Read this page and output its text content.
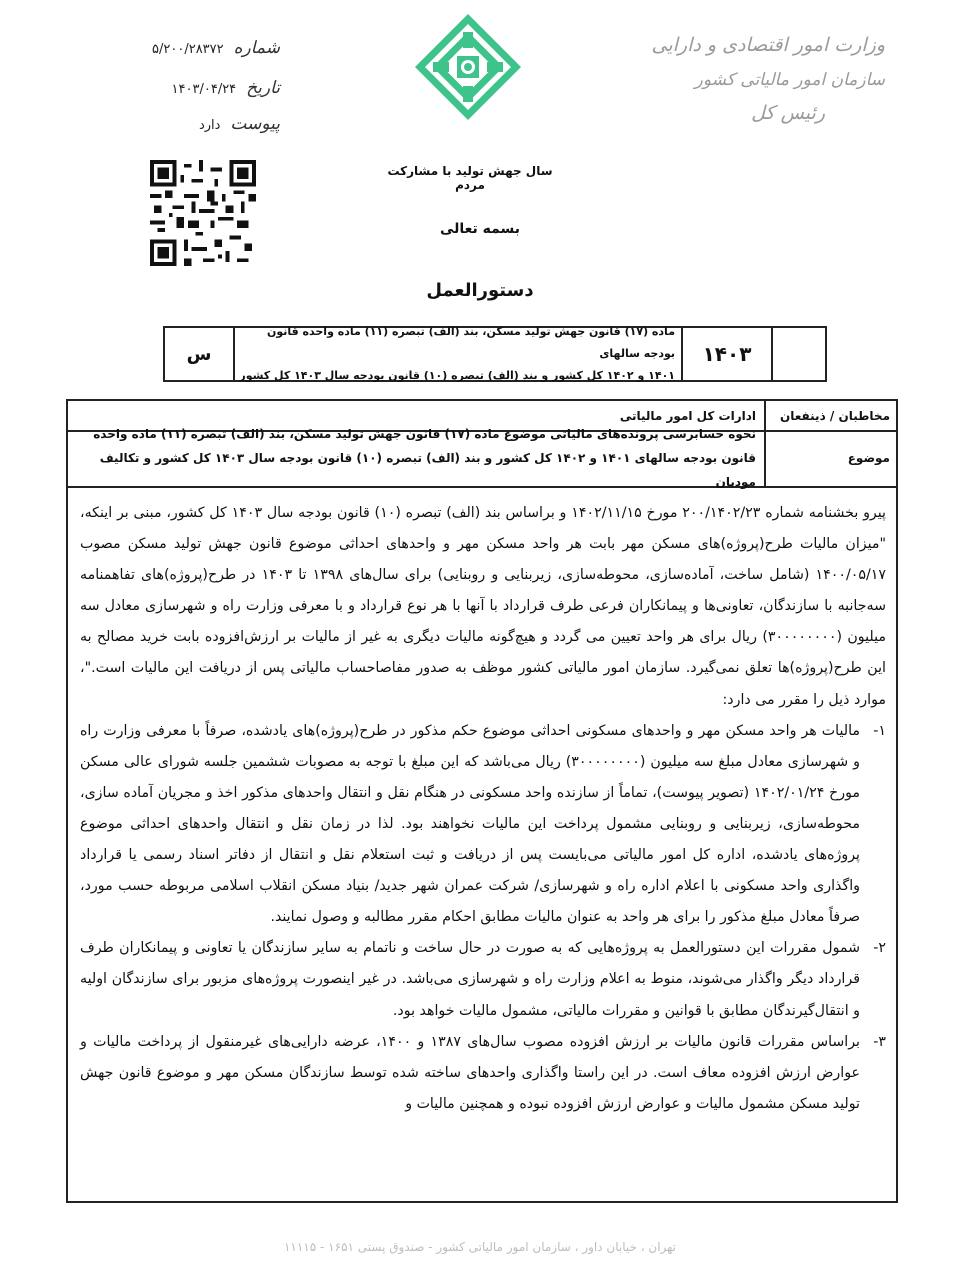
شماره
۵/۲۰۰/۲۸۳۷۲
تاریخ
۱۴۰۳/۰۴/۲۴
پیوست
دارد
وزارت امور اقتصادی و دارایی
سازمان امور مالیاتی کشور
رئیس کل
سال جهش تولید با مشارکت مردم
بسمه تعالی
دستورالعمل
۱۴۰۳
ماده (۱۷) قانون جهش تولید مسکن، بند (الف) تبصره (۱۱) ماده واحده قانون بودجه سالهای
۱۴۰۱ و ۱۴۰۲ کل کشور و بند (الف) تبصره (۱۰) قانون بودجه سال ۱۴۰۳ کل کشور
س
مخاطبان / ذینفعان
ادارات کل امور مالیاتی
موضوع
نحوه حسابرسی پرونده‌های مالیاتی موضوع ماده (۱۷) قانون جهش تولید مسکن، بند (الف) تبصره (۱۱) ماده واحده قانون بودجه سالهای ۱۴۰۱ و ۱۴۰۲ کل کشور و بند (الف) تبصره (۱۰) قانون بودجه سال ۱۴۰۳ کل کشور و تکالیف مودیان

پیرو بخشنامه شماره ۲۰۰/۱۴۰۲/۲۳ مورخ ۱۴۰۲/۱۱/۱۵ و براساس بند (الف) تبصره (۱۰) قانون بودجه سال ۱۴۰۳ کل کشور، مبنی بر اینکه، "میزان مالیات طرح(پروژه)های مسکن مهر بابت هر واحد مسکن مهر و واحدهای احداثی موضوع قانون جهش تولید مسکن مصوب ۱۴۰۰/۰۵/۱۷ (شامل ساخت، آماده‌سازی، محوطه‌سازی، زیربنایی و روبنایی) برای سال‌های ۱۳۹۸ تا ۱۴۰۳ در طرح(پروژه)های تفاهمنامه سه‌جانبه با سازندگان، تعاونی‌ها و پیمانکاران فرعی طرف قرارداد با آنها با هر نوع قرارداد و با معرفی وزارت راه و شهرسازی معادل سه میلیون (۳۰۰۰۰۰۰۰۰) ریال برای هر واحد تعیین می گردد و هیچ‌گونه مالیات دیگری به غیر از مالیات بر ارزش‌افزوده بابت خرید مصالح به این طرح(پروژه)ها تعلق نمی‌گیرد. سازمان امور مالیاتی کشور موظف به صدور مفاصاحساب مالیاتی پس از دریافت این مالیات است."، موارد ذیل را مقرر می دارد:

۱-
مالیات هر واحد مسکن مهر و واحدهای مسکونی احداثی موضوع حکم مذکور در طرح(پروژه)های یادشده، صرفاً با معرفی وزارت راه و شهرسازی معادل مبلغ سه میلیون (۳۰۰۰۰۰۰۰۰) ریال می‌باشد که این مبلغ با توجه به مصوبات ششمین جلسه شورای عالی مسکن مورخ ۱۴۰۲/۰۱/۲۴ (تصویر پیوست)، تماماً از سازنده واحد مسکونی در هنگام نقل و انتقال واحدهای مذکور اخذ و مجریان آماده سازی، محوطه‌سازی، زیربنایی و روبنایی مشمول پرداخت این مالیات نخواهند بود. لذا در زمان نقل و انتقال واحدهای احداثی موضوع پروژه‌های یادشده، اداره کل امور مالیاتی می‌بایست پس از دریافت و ثبت استعلام نقل و انتقال از دفاتر اسناد رسمی یا قرارداد واگذاری واحد مسکونی با اعلام اداره راه و شهرسازی/ شرکت عمران شهر جدید/ بنیاد مسکن انقلاب اسلامی مربوطه حسب مورد، صرفاً معادل مبلغ مذکور را برای هر واحد به عنوان مالیات مطابق احکام مقرر مطالبه و وصول نمایند.
۲-
شمول مقررات این دستورالعمل به پروژه‌هایی که به صورت در حال ساخت و ناتمام به سایر سازندگان یا تعاونی و پیمانکاران طرف قرارداد دیگر واگذار می‌شوند، منوط به اعلام وزارت راه و شهرسازی می‌باشد. در غیر اینصورت پروژه‌های مزبور برای سازندگان اولیه و انتقال‌گیرندگان مطابق با قوانین و مقررات مالیاتی، مشمول مالیات خواهد بود.
۳-
براساس مقررات قانون مالیات بر ارزش افزوده مصوب سال‌های ۱۳۸۷ و ۱۴۰۰، عرضه دارایی‌های غیرمنقول از پرداخت مالیات و عوارض ارزش افزوده معاف است. در این راستا واگذاری واحدهای ساخته شده توسط سازندگان مسکن مهر و موضوع قانون جهش تولید مسکن مشمول مالیات و عوارض ارزش افزوده نبوده و همچنین مالیات و
تهران ، خیابان داور ، سازمان امور مالیاتی کشور - صندوق پستی ۱۶۵۱ - ۱۱۱۱۵
